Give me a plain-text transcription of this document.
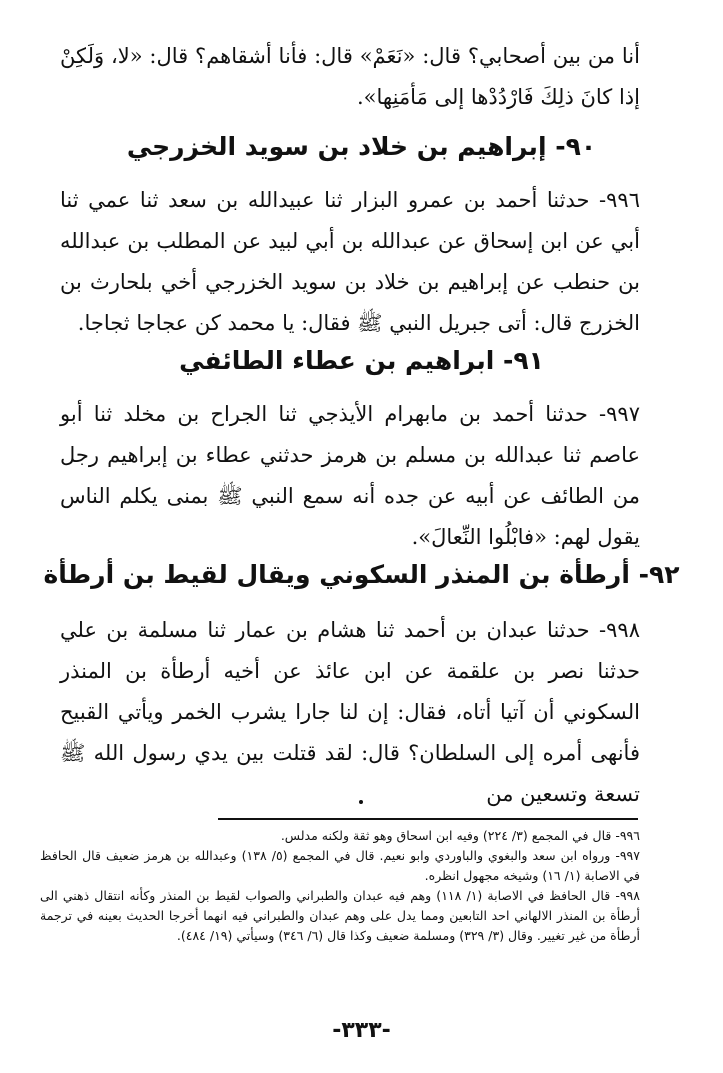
أنا من بين أصحابي؟ قال: «نَعَمْ» قال: فأنا أشقاهم؟ قال: «لا، وَلَكِنْ إذا كانَ ذلِكَ فَارْدُدْها إلى مَأمَنِها».

٩٠- إبراهيم بن خلاد بن سويد الخزرجي

٩٩٦- حدثنا أحمد بن عمرو البزار ثنا عبيدالله بن سعد ثنا عمي ثنا أبي عن ابن إسحاق عن عبدالله بن أبي لبيد عن المطلب بن عبدالله بن حنطب عن إبراهيم بن خلاد بن سويد الخزرجي أخي بلحارث بن الخزرج قال: أتى جبريل النبي ﷺ فقال: يا محمد كن عجاجا ثجاجا.

٩١- ابراهيم بن عطاء الطائفي

٩٩٧- حدثنا أحمد بن مابهرام الأيذجي ثنا الجراح بن مخلد ثنا أبو عاصم ثنا عبدالله بن مسلم بن هرمز حدثني عطاء بن إبراهيم رجل من الطائف عن أبيه عن جده أنه سمع النبي ﷺ بمنى يكلم الناس يقول لهم: «فابْلُوا النِّعالَ».

٩٢- أرطأة بن المنذر السكوني ويقال لقيط بن أرطأة

٩٩٨- حدثنا عبدان بن أحمد ثنا هشام بن عمار ثنا مسلمة بن علي حدثنا نصر بن علقمة عن ابن عائذ عن أخيه أرطأة بن المنذر السكوني أن آتيا أتاه، فقال: إن لنا جارا يشرب الخمر ويأتي القبيح فأنهى أمره إلى السلطان؟ قال: لقد قتلت بين يدي رسول الله ﷺ تسعة وتسعين من

٩٩٦- قال في المجمع (٣/ ٢٢٤) وفيه ابن اسحاق وهو ثقة ولكنه مدلس.

٩٩٧- ورواه ابن سعد والبغوي والباوردي وابو نعيم. قال في المجمع (٥/ ١٣٨) وعبدالله بن هرمز ضعيف قال الحافظ في الاصابة (١/ ١٦) وشيخه مجهول انظره.

٩٩٨- قال الحافظ في الاصابة (١/ ١١٨) وهم فيه عبدان والطبراني والصواب لقيط بن المنذر وكأنه انتقال ذهني الى أرطأة بن المنذر الالهاني احد التابعين ومما يدل على وهم عبدان والطبراني فيه انهما أخرجا الحديث بعينه في ترجمة أرطأة من غير تغيير. وقال (٣/ ٣٢٩) ومسلمة ضعيف وكذا قال (٦/ ٣٤٦) وسيأتي (١٩/ ٤٨٤).

-٣٣٣-
